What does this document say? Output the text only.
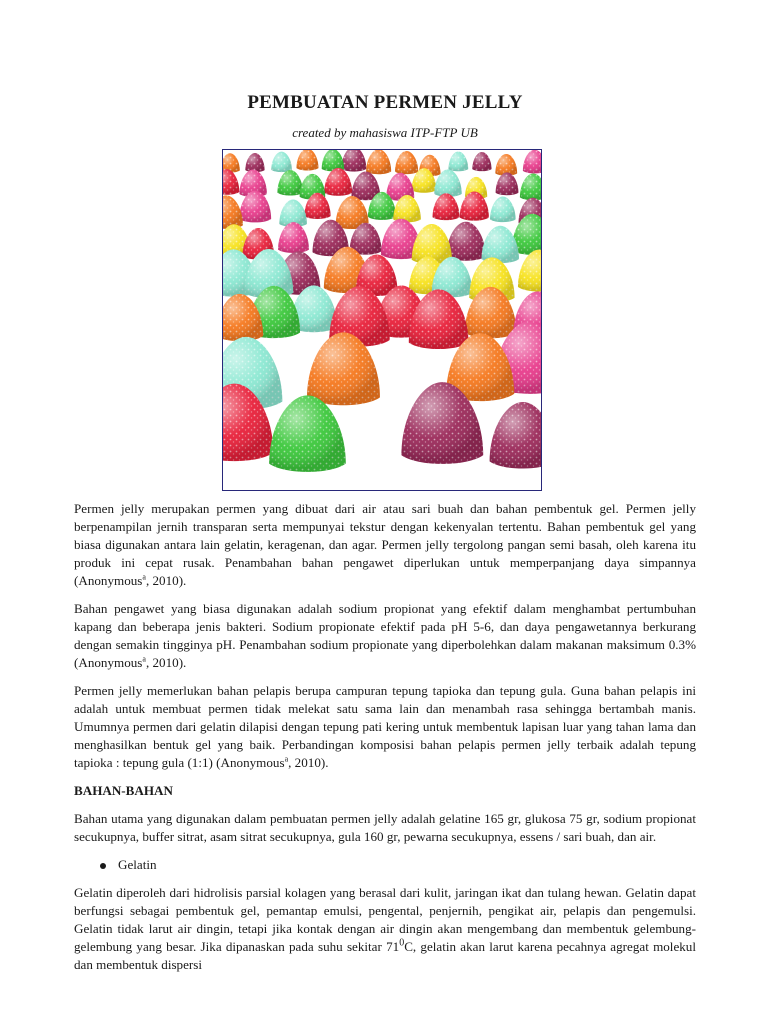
PEMBUATAN PERMEN JELLY

created by mahasiswa ITP-FTP UB

Permen jelly merupakan permen yang dibuat dari air atau sari buah dan bahan pembentuk gel. Permen jelly berpenampilan jernih transparan serta mempunyai tekstur dengan kekenyalan tertentu. Bahan pembentuk gel yang biasa digunakan antara lain gelatin, keragenan, dan agar. Permen jelly tergolong pangan semi basah, oleh karena itu produk ini cepat rusak. Penambahan bahan pengawet diperlukan untuk memperpanjang daya simpannya (Anonymous$^a$, 2010).

Bahan pengawet yang biasa digunakan adalah sodium propionat yang efektif dalam menghambat pertumbuhan kapang dan beberapa jenis bakteri. Sodium propionate efektif pada pH 5-6, dan daya pengawetannya berkurang dengan semakin tingginya pH. Penambahan sodium propionate yang diperbolehkan dalam makanan maksimum 0.3% (Anonymous$^a$, 2010).

Permen jelly memerlukan bahan pelapis berupa campuran tepung tapioka dan tepung gula. Guna bahan pelapis ini adalah untuk membuat permen tidak melekat satu sama lain dan menambah rasa sehingga bertambah manis. Umumnya permen dari gelatin dilapisi dengan tepung pati kering untuk membentuk lapisan luar yang tahan lama dan menghasilkan bentuk gel yang baik. Perbandingan komposisi bahan pelapis permen jelly terbaik adalah tepung tapioka : tepung gula (1:1) (Anonymous$^a$, 2010).

BAHAN-BAHAN

Bahan utama yang digunakan dalam pembuatan permen jelly adalah gelatine 165 gr, glukosa 75 gr, sodium propionat secukupnya, buffer sitrat, asam sitrat secukupnya, gula 160 gr, pewarna secukupnya, essens / sari buah, dan air.

Gelatin

Gelatin diperoleh dari hidrolisis parsial kolagen yang berasal dari kulit, jaringan ikat dan tulang hewan. Gelatin dapat berfungsi sebagai pembentuk gel, pemantap emulsi, pengental, penjernih, pengikat air, pelapis dan pengemulsi. Gelatin tidak larut air dingin, tetapi jika kontak dengan air dingin akan mengembang dan membentuk gelembung-gelembung yang besar. Jika dipanaskan pada suhu sekitar $71^0C$, gelatin akan larut karena pecahnya agregat molekul dan membentuk dispersi
